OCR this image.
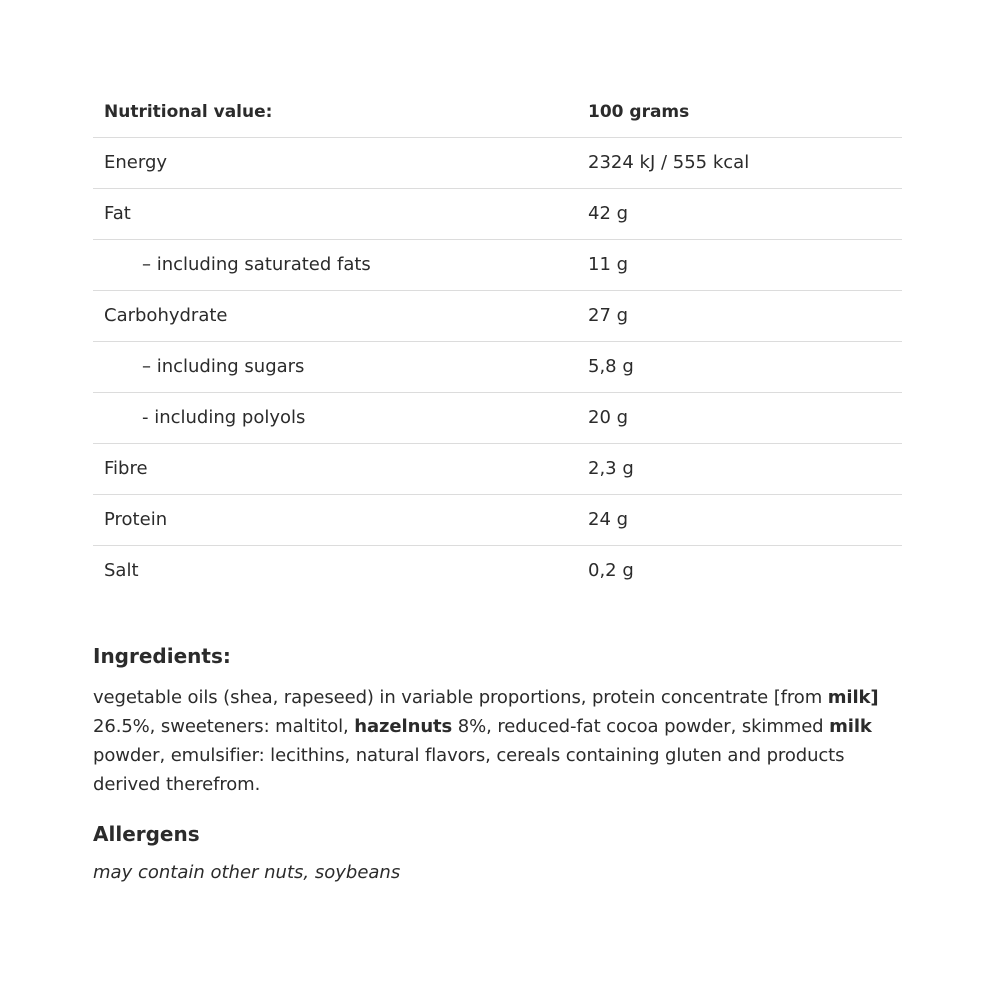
Nutritional value:	100 grams
Energy	2324 kJ / 555 kcal
Fat	42 g
– including saturated fats	11 g
Carbohydrate	27 g
– including sugars	5,8 g
- including polyols	20 g
Fibre	2,3 g
Protein	24 g
Salt	0,2 g
Ingredients:

vegetable oils (shea, rapeseed) in variable proportions, protein concentrate [from milk] 26.5%, sweeteners: maltitol, hazelnuts 8%, reduced-fat cocoa powder, skimmed milk powder, emulsifier: lecithins, natural flavors, cereals containing gluten and products derived therefrom.

Allergens

may contain other nuts, soybeans
